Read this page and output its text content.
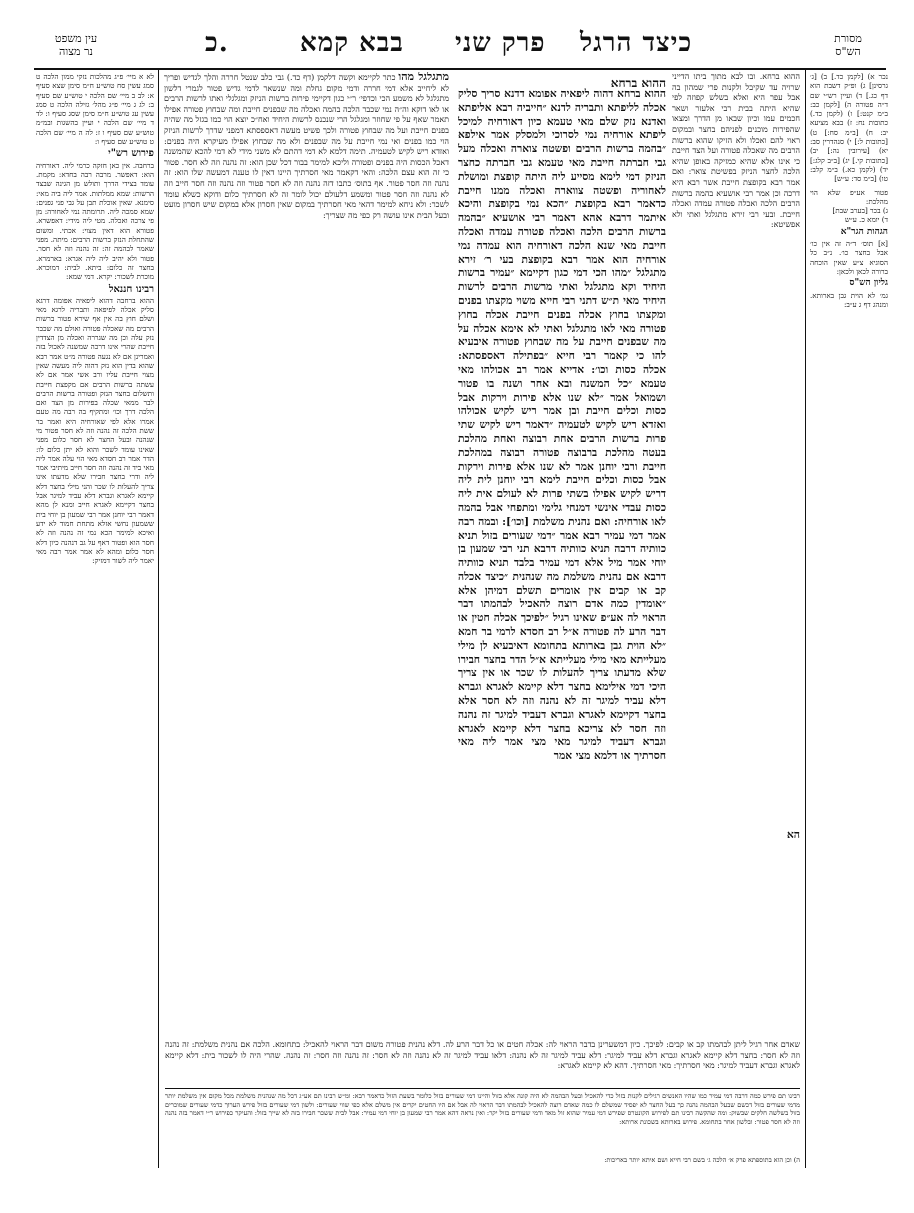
עין משפט
נר מצוה	כ.	בבא קמא פרק שני כיצד הרגל	מסורת
הש"ס
לא א מיי׳ פ״ג מהלכות נזקי ממון הלכה ט סמג עשין סח טוש״ע ח״מ סימן שצא סעיף א: לב ב מיי׳ שם הלכה י טוש״ע שם סעיף ב: לג ג מיי׳ פ״ג מהל׳ גזילה הלכה ט סמג עשין עג טוש״ע ח״מ סימן שסג סעיף ו: לד ד מיי׳ שם הלכה י ועיין בהשגות ובמ״מ טוש״ע שם סעיף ו ז: לה ה מיי׳ שם הלכה ט טוש״ע שם סעיף ו:
פירוש רש"י
ברחבה. אין כאן חזקה כרמי ליה. דאורחיה הוא: דאפשר. מרבה רבה בחדא: מקמת. עומד בצידי הדרך ותולש מן הגינה שבצד הרשות: שמא ממלתות. אמר ליה ביה מאי: סימנא. שאין אוכלת תבן על גבי פני גפנים: שמא סמכה ליה. תרומתה נמי לאחורה: מן פי צרכה ואכלה. מטי ליה מידי: דאפשרא. פטורא הוא דאין מצוי: אכתי. ומשום שהתחלת הנזק ברשות הרבים: מיתה. מפני שאמר לבהמה זה: זה נהנה וזה לא חסר. פטור ולא יהיב ליה ליה אגרא: בארמרא. בחצר זה כלום: ביתא. לבית: דמוכרא. מוכרת לשכור: יקרא. דמי שמא:
רבינו חננאל
ההוא ברחבה דהוא ליפאיה אפומה דרגא סליק אכלה לפיפאה ותבריה לרגא מאי ושלם חוץ בה אין אף שירא פטור ברשות הרבים מה שאכלה פטורה ואולם מה שכבר נזק עלה וכן מה שגררה ואכלה מן הצדדין חייבת שהרי אינו דרכה שמשנה לאכול בזה ואמרינן אם לא נגעה פטורה מ״ט אמר רבא שהוא בדין הוא נזק דהוה ליה מעשה שאין מצוי חייבת עליו ורב אשי אמר אם לא עשתה ברשות הרבים אם מקפצת חייבת ותשלום בחצר הנזק ופטורה ברשות הרבים לבר ממאי שכלה בפירות מן הצד ואם הלכה דרך וכו׳ ומתקיף בה רבה מה טעם אמרו אלא לפי שאורחיה היא ואמר בר ששת הלכה זה נהנה וזה לא חסר פטור מי שנהנה ובעל החצר לא חסר כלום מפני שאינו עומד לשכר והוא לא יתן כלום לו: הדר אמר רב חסדא מאי הוי עלה אמר ליה מאי ביד זה נהנה וזה חסר חייב מיתיבי אמר ליה ודרי בחצר חבירו שלא מדעתו אינו צריך להעלות לו שכר והני מילי בחצר דלא קיימא לאגרא וגברא דלא עביד למיגר אבל בחצר דקיימא לאגרא חייב ומנא לן מהא דאמר רבי יוחנן אמר רבי שמעון בן יוחי בית ששמעון נחשי אזלא מתחת חמוד לא ידע ואיכא למימר הכא נמי זה נהנה וזה לא חסר הוא ופטור דאף על גב דנהנה כיון דלא חסר כלום ומהא לא אמר אמר רבה מאי יאמר ליה לשור דמזיק:
מתגלגל מהו כתר לקיימא וקשה דלקמן (דף כד.) גבי כלב שנטל חררה והלך לגדיש ופריך לא ליחייב אלא דמי חררה ודמי מקום גחלת ומה שנשאר לדמי גדיש פטור לגמרי דלשון מתגלגל לא משמע הכי וכדפי׳ ר״י כגון דקיימי פירות ברשות הניזק ומגלגלי ואתו לרשות הרבים או לאו דוקא וה״ה נמי שכבר הלכה בהמה ואכלה מה שבפנים חייבת ומה שבחוץ פטורה אפילו תאמר שאף על פי שחוזר ומגלגל הרי שנכנס לרשות היחיד ואח״כ יוצא הוי כמו בגזל מה שהיה בפנים חייבת ועל מה שבחוץ פטורה ולכך פשיט מעשה דאספסתא דמפני שדרך לרשות הניזק הוי כמו בפנים ואי נמי חייבת על מה שבפנים ולא מה שבחוץ אפילו מעיקרא היה בפנים: ואזדא ריש לקיש לטעמיה. תימה דלמא לא דמי דהתם לא משני מידי לא דמי להכא שהמשנה דאכל הכסות היה בפנים ופטורה וליכא למימר בבור דכל שכן הוא: זה נהנה וזה לא חסר. פטור כי זה הוא עצם הלכה: והאי דקאמר מאי חסרתיך היינו דאין לו טענה דמעשה שלו הוא: זה נהנה וזה חסר פטור. אף בתוס׳ כתבו דזה נהנה וזה לא חסר פטור וזה נהנה וזה חסר חייב וזה לא נהנה וזה חסר פטור ומשמע דלעולם יכול לומר זה לא חסרתיך כלום ודוקא כשלא עומד לשכר: ולא ניחא למימר דהאי מאי חסרתיך במקום שאין חסרון אלא במקום שיש חסרון מועט ובעל הבית אינו עושה רק כפי מה שצריך:
ההוא ברחא. ובו לבא מתוך ביתו הדייני שרויה עד שקיבל ולקנות פרי שמהון בה אבל עפר היא ואלא בשלש קפוזה לפי שהיא היתה בבית רבי אלעזר ושאר חכמים עמו וכיון שבאו מן הדרך ומצאו שהפירות מוכנים לפניהם בחצר ובמקום ראוי להם ואכלו ולא הזיקו שהוא ברשות הרבים מה שאכלה פטורה ועל הצד חייבת כי אינו אלא שהיא כמזיקה באופן שהיא הלכה לחצר הניזק בפשיטת צואר: ואם אמר רבא בקופצת חייבת אשר רבא היא דרכה וכן אמר רבי אושעיא בהמה ברשות הרבים הלכה ואכלה פטורה עמדה ואכלה חייבת. ובעי רבי זירא מתגלגל ואתי ולא אפשיטא:
ההוא ברחא
ההוא ברחא דהוה ליפאיה אפומא דדנא סריך סליק אכלה לליפתא ותבריה לדנא ״חייביה רבא אליפתא ואדנא נזק שלם מאי טעמא כיון דאורחיה למיכל ליפתא אורחיה נמי לסרוכי ולמסלק אמר אילפא ״בהמה ברשות הרבים ופשטה צוארה ואכלה מעל גבי חברתה חייבת מאי טעמא גבי חברתה כחצר הניזק דמי לימא מסייע ליה היתה קופצת ומושלת לאחוריה ופשטה צווארה ואכלה ממנו חייבת כדאמר רבא בקופצת ״הכא נמי בקופצת והיכא איתמר דרבא אהא דאמר רבי אושעיא ״בהמה ברשות הרבים הלכה ואכלה פטורה עמדה ואכלה חייבת מאי שנא הלכה דאורחיה הוא עמדה נמי אורחיה הוא אמר רבא בקופצת בעי ר׳ זירא מתגלגל ״מהו הכי דמי כגון דקיימא ״עמיר ברשות היחיד וקא מתגלגל ואתי מרשות הרבים לרשות היחיד מאי ת״ש דתני רבי חייא משוי מקצתו בפנים ומקצתו בחוץ אכלה בפנים חייבת אכלה בחוץ פטורה מאי לאו מתגלגל ואתי לא אימא אכלה על מה שבפנים חייבת על מה שבחוץ פטורה איבעיא להו כי קאמר רבי חייא ״בפתילה דאספסתא: אכלה כסות וכו׳: אדייא אמר רב אכולהו מאי טעמא ״כל המשנה ובא אחר ושנה בו פטור ושמואל אמר ״לא שנו אלא פירות וירקות אבל כסות וכלים חייבת ובן אמר ריש לקיש אכולהו ואזדא ריש לקיש לטעמיה ״דאמר ריש לקיש שתי פרות ברשות הרבים אחת רבוצה ואחת מהלכת בעטה מהלכת ברבוצה פטורה רבוצה במהלכת חייבת ורבי יוחנן אמר לא שנו אלא פירות וירקות אבל כסות וכלים חייבת לימא רבי יוחנן לית ליה דריש לקיש אפילו בשתי פרות לא לעולם אית ליה כסות עבדי אינשי דמנחי גלימי ומתפחי אבל בהמה לאו אורחיה: ואם נהנית משלמת [וכו׳]: ובמה רבה אמר דמי עמיר רבא אמר ״דמי שעורים בזול תניא כוותיה דרבה תניא כוותיה דרבא תני רבי שמעון בן יוחי אמר מיל אלא דמי עמיר בלבד תניא כוותיה דרבא אם נהנית משלמת מה שנהנית ״כיצד אכלה קב או קבים אין אומרים תשלם דמיהן אלא ״אומדין כמה אדם רוצה להאכיל לבהמתו דבר הראוי לה אע״פ שאינו רגיל ״לפיכך אכלה חטין או דבר הרע לה פטורה א״ל רב חסדא לרמי בר חמא ״לא הוית גבן בארותא בתחומא דאיבעיא לן מילי מעלייתא מאי מילי מעלייתא א״ל הדר בחצר חבירו שלא מדעתו צריך להעלות לו שכר או אין צריך היכי דמי אילימא בחצר דלא קיימא לאגרא וגברא דלא עביד למיגר זה לא נהנה וזה לא חסר אלא בחצר דקיימא לאגרא וגברא דעביד למיגר זה נהנה וזה חסר לא צריכא בחצר דלא קיימא לאגרא וגברא דעביד למיגר מאי מצי אמר ליה מאי חסרתיך או דלמא מצי אמר
הא
שאדם אחר רגיל ליתן לבהמתו קב או קבים: לפיכך. כיון דמשערינן בדבר הראוי לה: אכלה חטים או כל דבר הרע לה. דלא נהנית פטורה משום דבר הראוי להאכיל: בתחומא. הלכה אם נהנית משלמת: זה נהנה וזה לא חסר: בחצר דלא קיימא לאגרא וגברא דלא עביד למיגר: דלא עביד למיגר זה לא נהנה: דלאו עביד למיגר זה לא נהנה וזה לא חסר: זה נהנה וזה חסר: זה נהנה. שהרי היה לו לשכור בית: דלא קיימא לאגרא וגברא דעביד למיגר: מאי חסרתיך: מאי חסרתיך. דהא לא קיימא לאגרא:
רבינו תם פירש כמה דרבה דמי עמיר כמו שהיו האנשים רגילים לקנות בזול כדי להאכיל ובעל הבהמה לא היה קונה אלא בזול והיינו דמי שעורים בזול כלומר בשעת הזול כדאמר רבא: ומ״ש רבינו תם אע״ג דכל מה שנהנית משלמת מכל מקום אין משלמת יותר מדמי שעורים בזול דכשם שבעל הבהמה נהנה כך בעל החצר לא יפסיד שמשלם לו כמה שאדם רוצה להאכיל לבהמתו דבר הראוי לה אבל אם היו החטים יקרים אין משלם אלא כפי שווי שעורים: ולשון דמי שעורים בזול פירש הערוך כדמי שעורים שמוכרים בזול בשלשה חלקים שבשוק: ומה שהקשה רבינו תם לפירוש הקונטרס שפירש דמי עמיר שהוא זול מאד ודמי שעורים בזול יקר: ואין נראה דהא אמר רבי שמעון בן יוחי דמי עמיר: אבל לבית ששכר חבירו בזה לא שייך בזול: והעיקר כפירוש ר״י דאמר בזה נהנה וזה לא חסר פטור: ובלשון אחר בתחומא. פירוש בארותא בשכונת ארותא:
ה) וכן הוא בתוספתא פרק א׳ הלכה ג׳ בשם רבי חייא ושם איתא יותר באריכות:
נכר א) [לקמן כד.] ב) [ג׳ גרסינן] ג) ופ״ק דשבת הוא דף כג.] ד) ועיין רש״י שם ד״ה פטורה ה) [לקמן כב: ב״מ קנט:] ו) (לקמן כד.) כתובות נח: ז) בבא מציעא יב: ח) [ב״מ סח:] ט) [כתובות ל:] י) סנהדרין סב: יא) [עירובין נה:] יב) [כתובות קי.] יג) [ב״ב קלג:] יד) (לקמן כא.) ב״מ קלב: טו) [ב״מ סד: ע״ש]
פטור אע״פ שלא הוי מהלכת:
ג) בכר [בערב שבת]
ד) יומא כ. ע״ש
הגהות הגר"א
[א] תוס׳ ד״ה זה אין כו׳ אבל בחצר כו׳. נ״ב כל הסוגיא צ״ע שאין הוכחה ברורה לכאן ולכאן:
גליון הש"ס
גמ׳ לא הוית גבן בארותא. ומנהג דף ג ע״ב:
